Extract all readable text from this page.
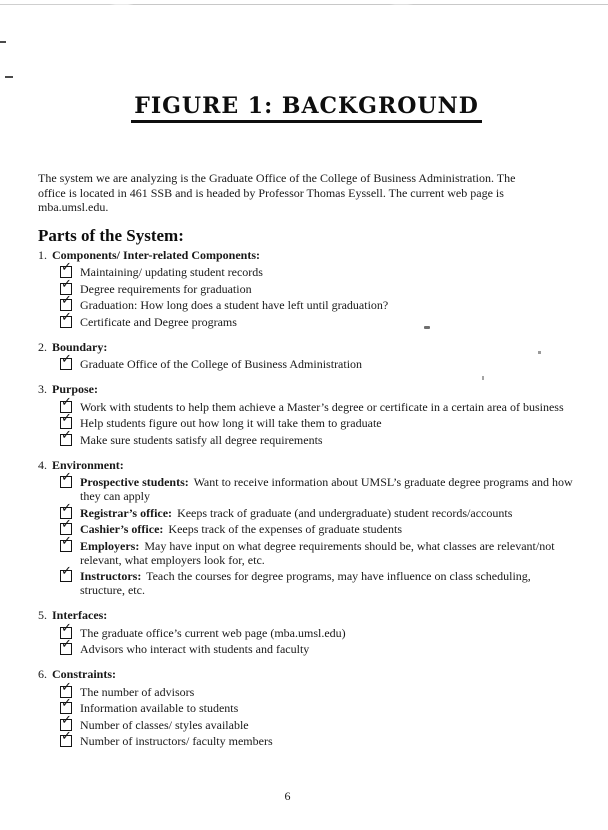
FIGURE 1: BACKGROUND
The system we are analyzing is the Graduate Office of the College of Business Administration. The
office is located in 461 SSB and is headed by Professor Thomas Eyssell. The current web page is
mba.umsl.edu.
Parts of the System:
1. Components/ Inter-related Components:
✓ Maintaining/ updating student records
✓ Degree requirements for graduation
✓ Graduation: How long does a student have left until graduation?
✓ Certificate and Degree programs
2. Boundary:
✓ Graduate Office of the College of Business Administration
3. Purpose:
✓ Work with students to help them achieve a Master’s degree or certificate in a certain area of business
✓ Help students figure out how long it will take them to graduate
✓ Make sure students satisfy all degree requirements
4. Environment:
✓ Prospective students: Want to receive information about UMSL’s graduate degree programs and how they can apply
✓ Registrar’s office: Keeps track of graduate (and undergraduate) student records/accounts
✓ Cashier’s office: Keeps track of the expenses of graduate students
✓ Employers: May have input on what degree requirements should be, what classes are relevant/not relevant, what employers look for, etc.
✓ Instructors: Teach the courses for degree programs, may have influence on class scheduling, structure, etc.
5. Interfaces:
✓ The graduate office’s current web page (mba.umsl.edu)
✓ Advisors who interact with students and faculty
6. Constraints:
✓ The number of advisors
✓ Information available to students
✓ Number of classes/ styles available
✓ Number of instructors/ faculty members
6
